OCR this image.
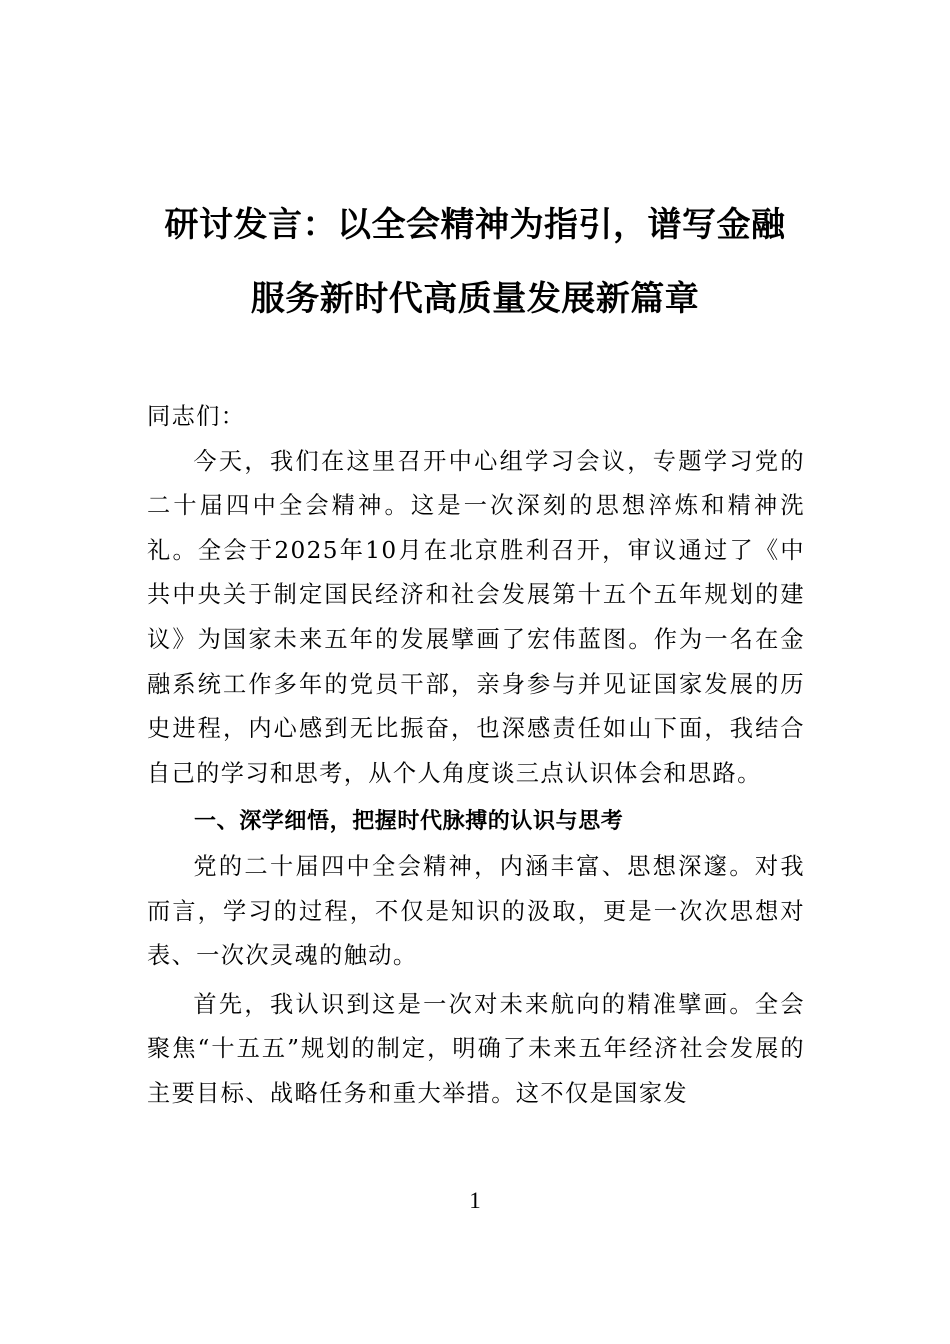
研讨发言：以全会精神为指引，谱写金融
服务新时代高质量发展新篇章

同志们：

今天，我们在这里召开中心组学习会议，专题学习党的二十届四中全会精神。这是一次深刻的思想淬炼和精神洗礼。全会于2025年10月在北京胜利召开，审议通过了《中共中央关于制定国民经济和社会发展第十五个五年规划的建议》为国家未来五年的发展擘画了宏伟蓝图。作为一名在金融系统工作多年的党员干部，亲身参与并见证国家发展的历史进程，内心感到无比振奋，也深感责任如山下面，我结合自己的学习和思考，从个人角度谈三点认识体会和思路。

一、深学细悟，把握时代脉搏的认识与思考

党的二十届四中全会精神，内涵丰富、思想深邃。对我而言，学习的过程，不仅是知识的汲取，更是一次次思想对表、一次次灵魂的触动。

首先，我认识到这是一次对未来航向的精准擘画。全会聚焦“十五五”规划的制定，明确了未来五年经济社会发展的主要目标、战略任务和重大举措。这不仅是国家发

1
